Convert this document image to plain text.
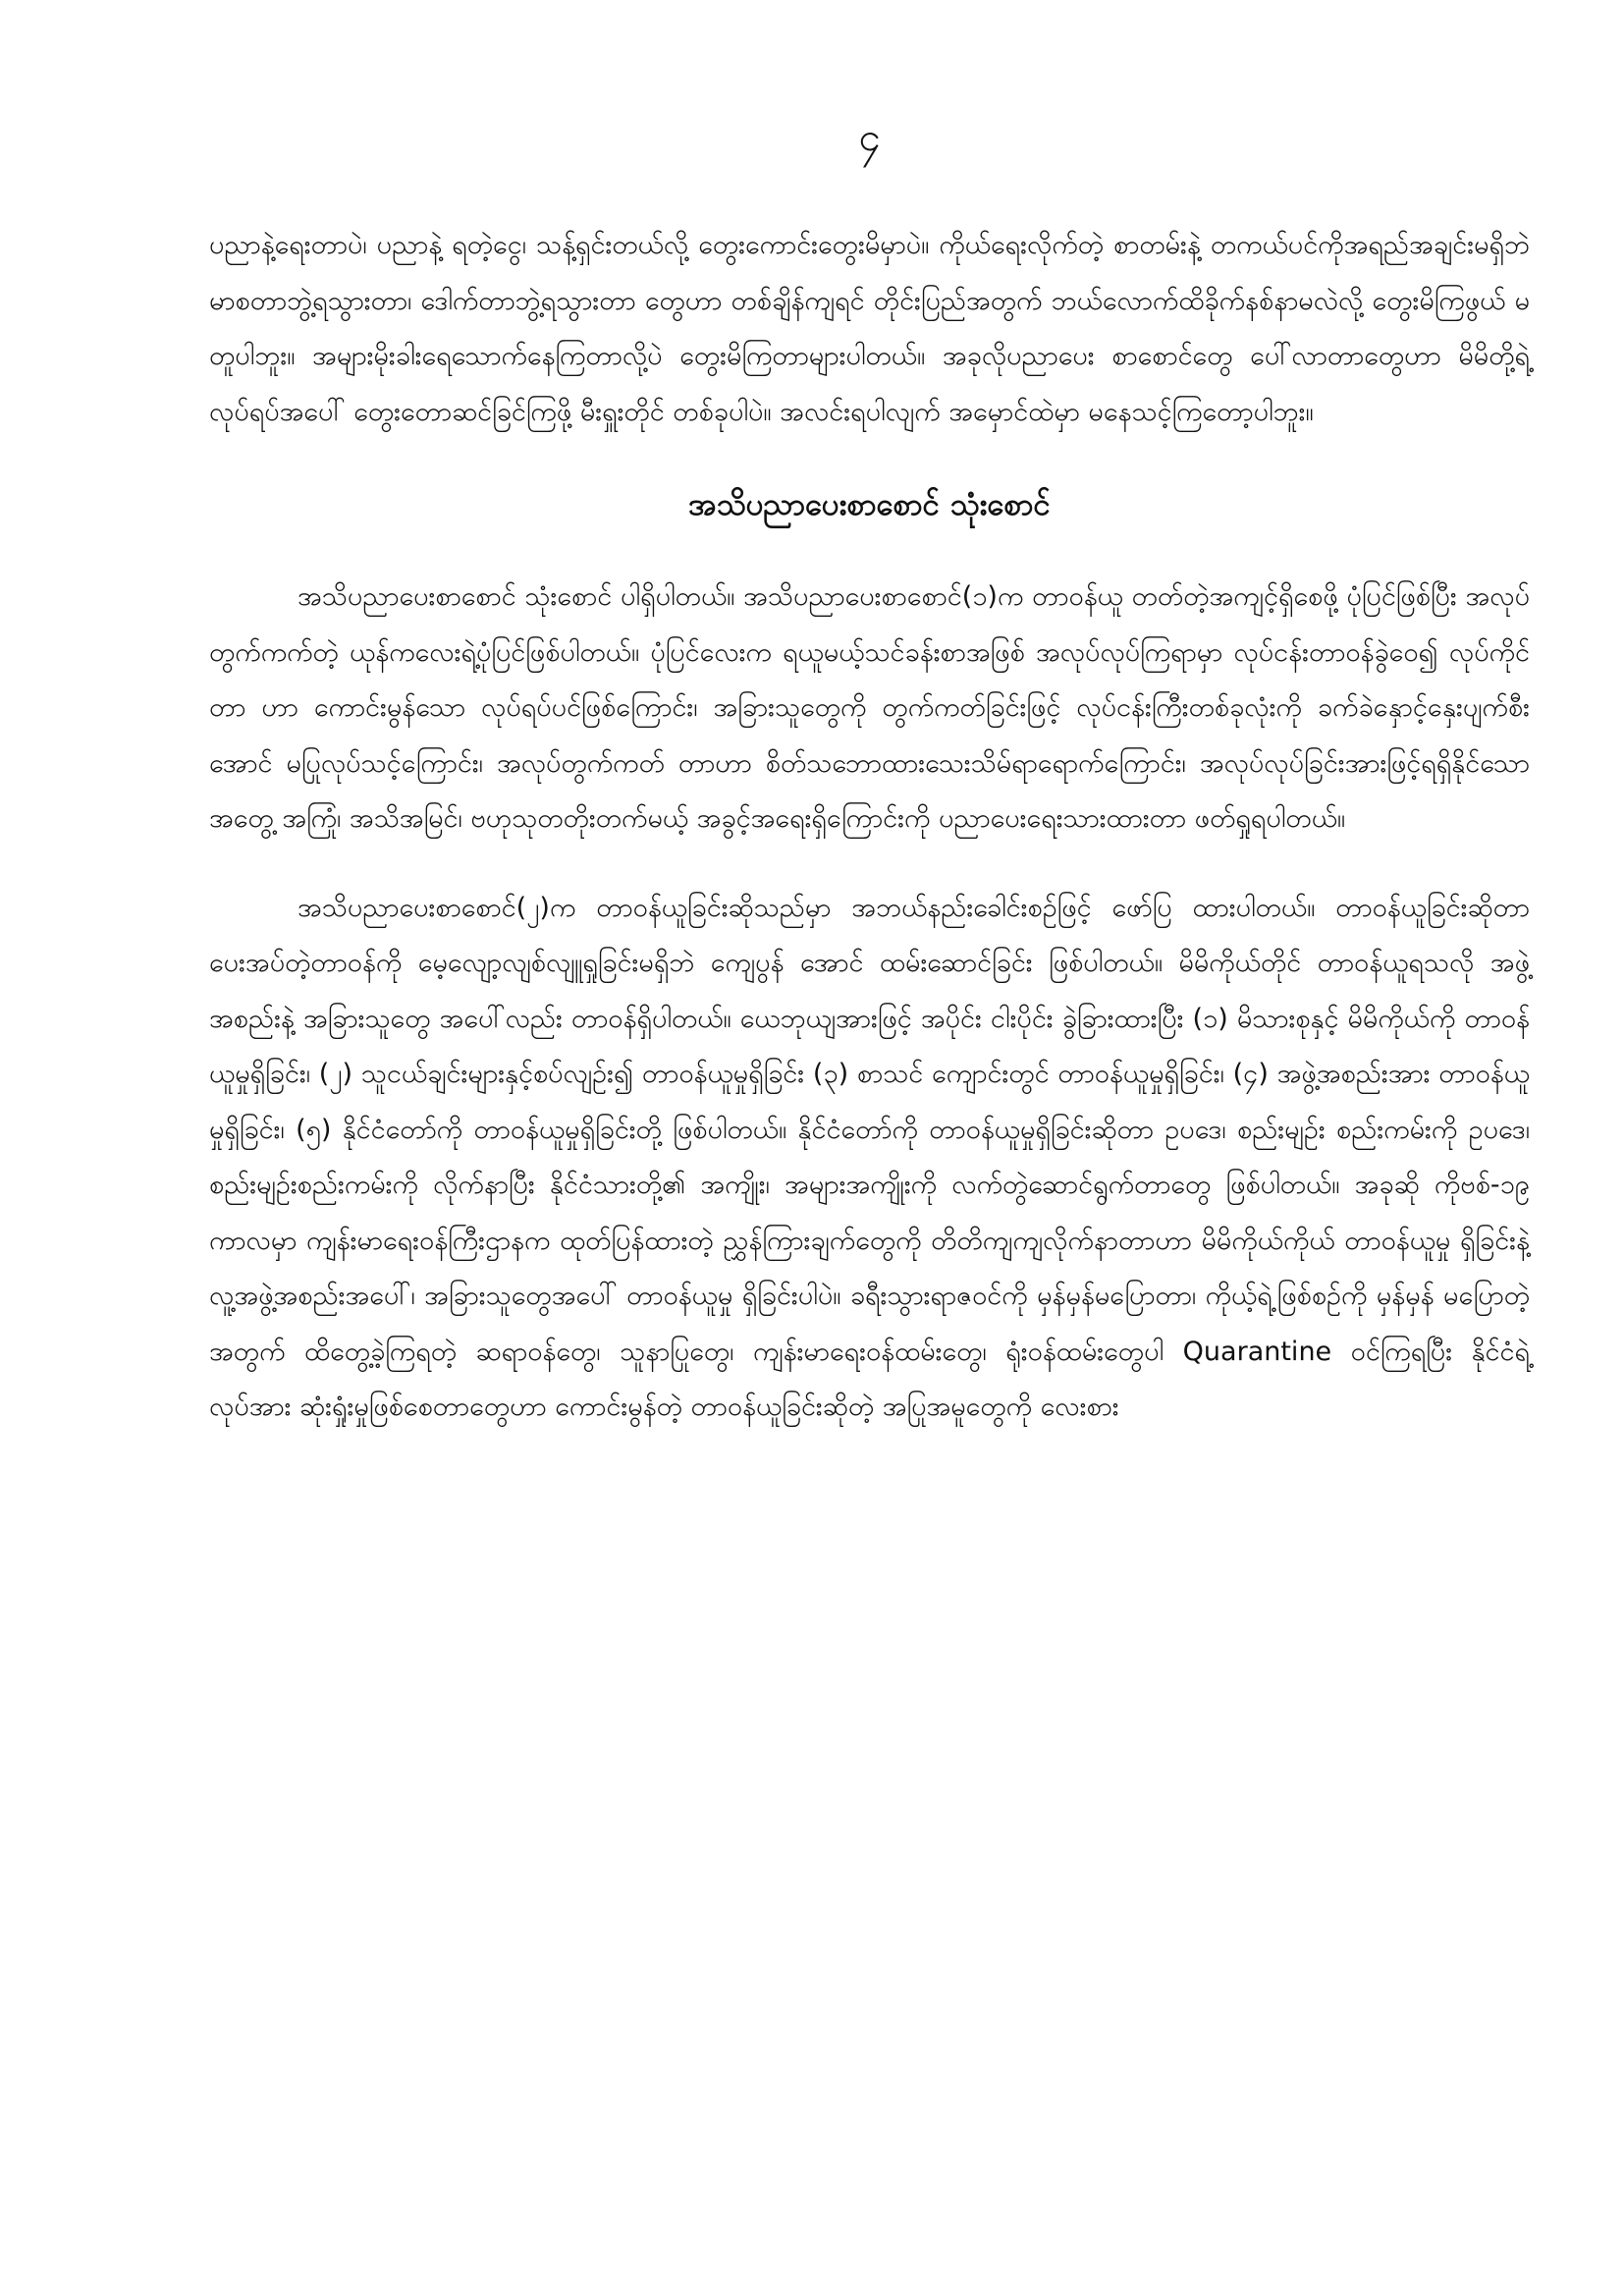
၄

ပညာနဲ့ရေးတာပဲ၊ ပညာနဲ့ ရတဲ့ငွေ၊ သန့်ရှင်းတယ်လို့ တွေးကောင်းတွေးမိမှာပဲ။ ကိုယ်ရေးလိုက်တဲ့ စာတမ်းနဲ့ တကယ်ပင်ကိုအရည်အချင်းမရှိဘဲ မာစတာဘွဲ့ရသွားတာ၊ ဒေါက်တာဘွဲ့ရသွားတာ တွေဟာ တစ်ချိန်ကျရင် တိုင်းပြည်အတွက် ဘယ်လောက်ထိခိုက်နစ်နာမလဲလို့ တွေးမိကြဖွယ် မတူပါဘူး။ အများမိုးခါးရေသောက်နေကြတာလို့ပဲ တွေးမိကြတာများပါတယ်။ အခုလိုပညာပေး စာစောင်တွေ ပေါ်လာတာတွေဟာ မိမိတို့ရဲ့ လုပ်ရပ်အပေါ် တွေးတောဆင်ခြင်ကြဖို့ မီးရှူးတိုင် တစ်ခုပါပဲ။ အလင်းရပါလျက် အမှောင်ထဲမှာ မနေသင့်ကြတော့ပါဘူး။

အသိပညာပေးစာစောင် သုံးစောင်

အသိပညာပေးစာစောင် သုံးစောင် ပါရှိပါတယ်။ အသိပညာပေးစာစောင်(၁)က တာဝန်ယူ တတ်တဲ့အကျင့်ရှိစေဖို့ ပုံပြင်ဖြစ်ပြီး အလုပ်တွက်ကက်တဲ့ ယုန်ကလေးရဲ့ပုံပြင်ဖြစ်ပါတယ်။ ပုံပြင်လေးက ရယူမယ့်သင်ခန်းစာအဖြစ် အလုပ်လုပ်ကြရာမှာ လုပ်ငန်းတာဝန်ခွဲဝေ၍ လုပ်ကိုင်တာ ဟာ ကောင်းမွန်သော လုပ်ရပ်ပင်ဖြစ်ကြောင်း၊ အခြားသူတွေကို တွက်ကတ်ခြင်းဖြင့် လုပ်ငန်းကြီးတစ်ခုလုံးကို ခက်ခဲနှောင့်နှေးပျက်စီးအောင် မပြုလုပ်သင့်ကြောင်း၊ အလုပ်တွက်ကတ် တာဟာ စိတ်သဘောထားသေးသိမ်ရာရောက်ကြောင်း၊ အလုပ်လုပ်ခြင်းအားဖြင့်ရရှိနိုင်သော အတွေ့ အကြုံ၊ အသိအမြင်၊ ဗဟုသုတတိုးတက်မယ့် အခွင့်အရေးရှိကြောင်းကို ပညာပေးရေးသားထားတာ ဖတ်ရှုရပါတယ်။

အသိပညာပေးစာစောင်(၂)က တာဝန်ယူခြင်းဆိုသည်မှာ အဘယ်နည်းခေါင်းစဉ်ဖြင့် ဖော်ပြ ထားပါတယ်။ တာဝန်ယူခြင်းဆိုတာ ပေးအပ်တဲ့တာဝန်ကို မေ့လျော့လျစ်လျူရှုခြင်းမရှိဘဲ ကျေပွန် အောင် ထမ်းဆောင်ခြင်း ဖြစ်ပါတယ်။ မိမိကိုယ်တိုင် တာဝန်ယူရသလို အဖွဲ့အစည်းနဲ့ အခြားသူတွေ အပေါ်လည်း တာဝန်ရှိပါတယ်။ ယေဘုယျအားဖြင့် အပိုင်း ငါးပိုင်း ခွဲခြားထားပြီး (၁) မိသားစုနှင့် မိမိကိုယ်ကို တာဝန်ယူမှုရှိခြင်း၊ (၂) သူငယ်ချင်းများနှင့်စပ်လျဉ်း၍ တာဝန်ယူမှုရှိခြင်း (၃) စာသင် ကျောင်းတွင် တာဝန်ယူမှုရှိခြင်း၊ (၄) အဖွဲ့အစည်းအား တာဝန်ယူမှုရှိခြင်း၊ (၅) နိုင်ငံတော်ကို တာဝန်ယူမှုရှိခြင်းတို့ ဖြစ်ပါတယ်။ နိုင်ငံတော်ကို တာဝန်ယူမှုရှိခြင်းဆိုတာ ဥပဒေ၊ စည်းမျဉ်း စည်းကမ်းကို ဥပဒေ၊ စည်းမျဉ်းစည်းကမ်းကို လိုက်နာပြီး နိုင်ငံသားတို့၏ အကျိုး၊ အများအကျိုးကို လက်တွဲဆောင်ရွက်တာတွေ ဖြစ်ပါတယ်။ အခုဆို ကိုဗစ်-၁၉ ကာလမှာ ကျန်းမာရေးဝန်ကြီးဌာနက ထုတ်ပြန်ထားတဲ့ ညွှန်ကြားချက်တွေကို တိတိကျကျလိုက်နာတာဟာ မိမိကိုယ်ကိုယ် တာဝန်ယူမှု ရှိခြင်းနဲ့ လူ့အဖွဲ့အစည်းအပေါ်၊ အခြားသူတွေအပေါ် တာဝန်ယူမှု ရှိခြင်းပါပဲ။ ခရီးသွားရာဇဝင်ကို မှန်မှန်မပြောတာ၊ ကိုယ့်ရဲ့ဖြစ်စဉ်ကို မှန်မှန် မပြောတဲ့အတွက် ထိတွေ့ခဲ့ကြရတဲ့ ဆရာဝန်တွေ၊ သူနာပြုတွေ၊ ကျန်းမာရေးဝန်ထမ်းတွေ၊ ရုံးဝန်ထမ်းတွေပါ Quarantine ဝင်ကြရပြီး နိုင်ငံရဲ့ လုပ်အား ဆုံးရှုံးမှုဖြစ်စေတာတွေဟာ ကောင်းမွန်တဲ့ တာဝန်ယူခြင်းဆိုတဲ့ အပြုအမူတွေကို လေးစား
